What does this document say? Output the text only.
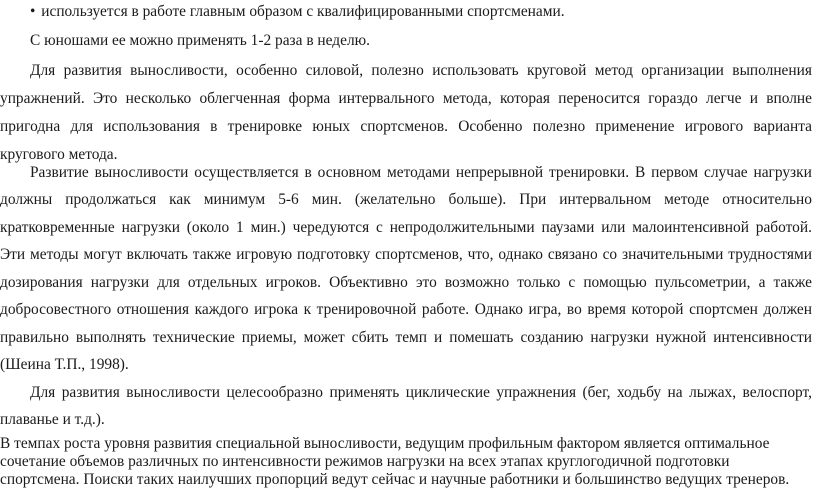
• используется в работе главным образом с квалифицированными спортсменами.
С юношами ее можно применять 1-2 раза в неделю.
Для развития выносливости, особенно силовой, полезно использовать круговой метод организации выполнения
упражнений. Это несколько облегченная форма интервального метода, которая переносится гораздо легче и вполне
пригодна для использования в тренировке юных спортсменов. Особенно полезно применение игрового варианта
кругового метода.
Развитие выносливости осуществляется в основном методами непрерывной тренировки. В первом случае нагрузки
должны продолжаться как минимум 5-6 мин. (желательно больше). При интервальном методе относительно
кратковременные нагрузки (около 1 мин.) чередуются с непродолжительными паузами или малоинтенсивной работой.
Эти методы могут включать также игровую подготовку спортсменов, что, однако связано со значительными трудностями
дозирования нагрузки для отдельных игроков. Объективно это возможно только с помощью пульсометрии, а также
добросовестного отношения каждого игрока к тренировочной работе. Однако игра, во время которой спортсмен должен
правильно выполнять технические приемы, может сбить темп и помешать созданию нагрузки нужной интенсивности
(Шеина Т.П., 1998).
Для развития выносливости целесообразно применять циклические упражнения (бег, ходьбу на лыжах, велоспорт,
плаванье и т.д.).
В темпах роста уровня развития специальной выносливости, ведущим профильным фактором является оптимальное
сочетание объемов различных по интенсивности режимов нагрузки на всех этапах круглогодичной подготовки
спортсмена. Поиски таких наилучших пропорций ведут сейчас и научные работники и большинство ведущих тренеров.
